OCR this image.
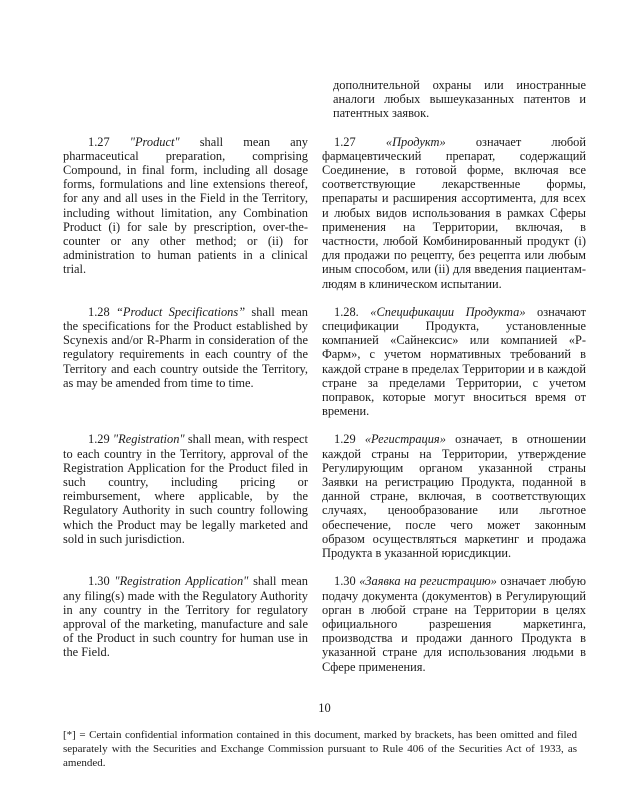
дополнительной охраны или иностранные аналоги любых вышеуказанных патентов и патентных заявок.

1.27 "Product" shall mean any pharmaceutical preparation, comprising Compound, in final form, including all dosage forms, formulations and line extensions thereof, for any and all uses in the Field in the Territory, including without limitation, any Combination Product (i) for sale by prescription, over-the-counter or any other method; or (ii) for administration to human patients in a clinical trial.

1.27 «Продукт» означает любой фармацевтический препарат, содержащий Соединение, в готовой форме, включая все соответствующие лекарственные формы, препараты и расширения ассортимента, для всех и любых видов использования в рамках Сферы применения на Территории, включая, в частности, любой Комбинированный продукт (i) для продажи по рецепту, без рецепта или любым иным способом, или (ii) для введения пациентам-людям в клиническом испытании.

1.28 “Product Specifications” shall mean the specifications for the Product established by Scynexis and/or R-Pharm in consideration of the regulatory requirements in each country of the Territory and each country outside the Territory, as may be amended from time to time.

1.28. «Спецификации Продукта» означают спецификации Продукта, установленные компанией «Сайнексис» или компанией «Р-Фарм», с учетом нормативных требований в каждой стране в пределах Территории и в каждой стране за пределами Территории, с учетом поправок, которые могут вноситься время от времени.

1.29 "Registration" shall mean, with respect to each country in the Territory, approval of the Registration Application for the Product filed in such country, including pricing or reimbursement, where applicable, by the Regulatory Authority in such country following which the Product may be legally marketed and sold in such jurisdiction.

1.29 «Регистрация» означает, в отношении каждой страны на Территории, утверждение Регулирующим органом указанной страны Заявки на регистрацию Продукта, поданной в данной стране, включая, в соответствующих случаях, ценообразование или льготное обеспечение, после чего может законным образом осуществляться маркетинг и продажа Продукта в указанной юрисдикции.

1.30 "Registration Application" shall mean any filing(s) made with the Regulatory Authority in any country in the Territory for regulatory approval of the marketing, manufacture and sale of the Product in such country for human use in the Field.

1.30 «Заявка на регистрацию» означает любую подачу документа (документов) в Регулирующий орган в любой стране на Территории в целях официального разрешения маркетинга, производства и продажи данного Продукта в указанной стране для использования людьми в Сфере применения.

10

[*] = Certain confidential information contained in this document, marked by brackets, has been omitted and filed separately with the Securities and Exchange Commission pursuant to Rule 406 of the Securities Act of 1933, as amended.
